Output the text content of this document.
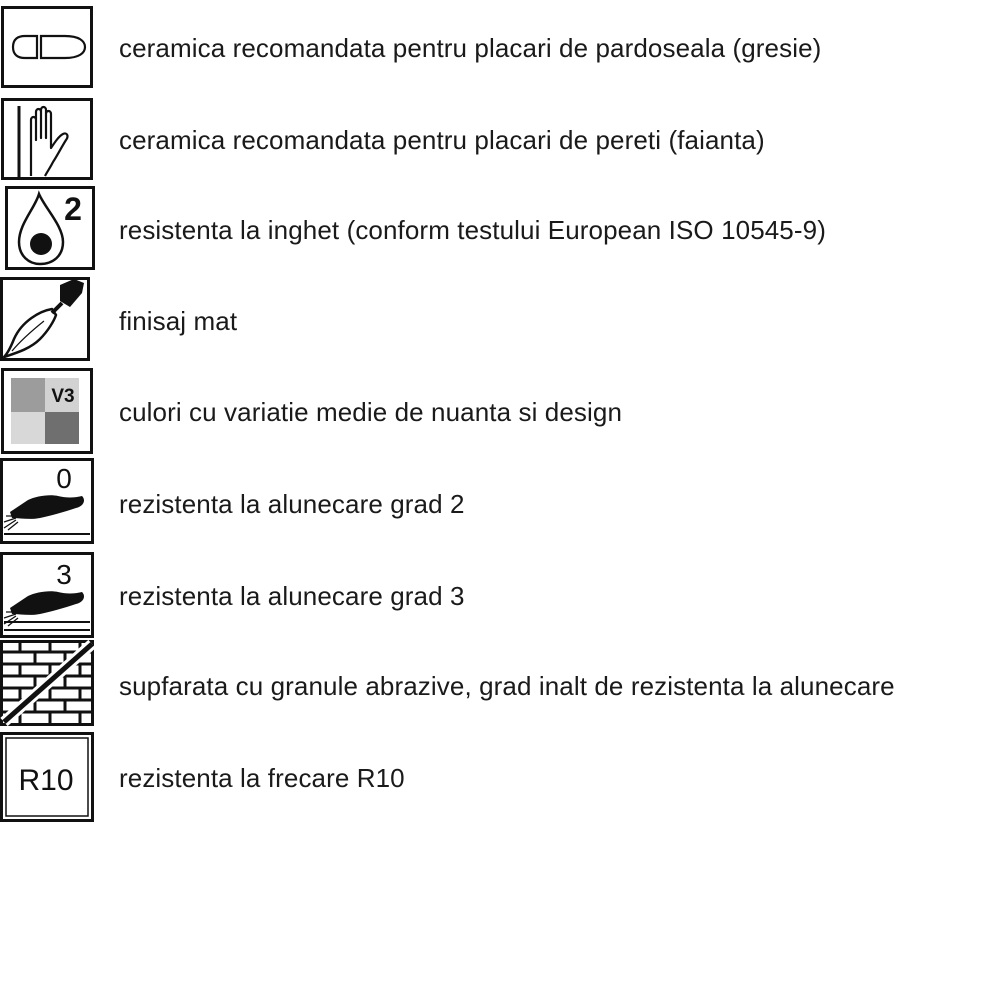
ceramica recomandata pentru placari de pardoseala (gresie)
ceramica recomandata pentru placari de pereti (faianta)
2
resistenta la inghet (conform testului European ISO 10545-9)
finisaj mat
V3
culori cu variatie medie de nuanta si design
0
rezistenta la alunecare grad 2
3
rezistenta la alunecare grad 3
supfarata cu granule abrazive, grad inalt de rezistenta la alunecare
R10 rezistenta la frecare R10
